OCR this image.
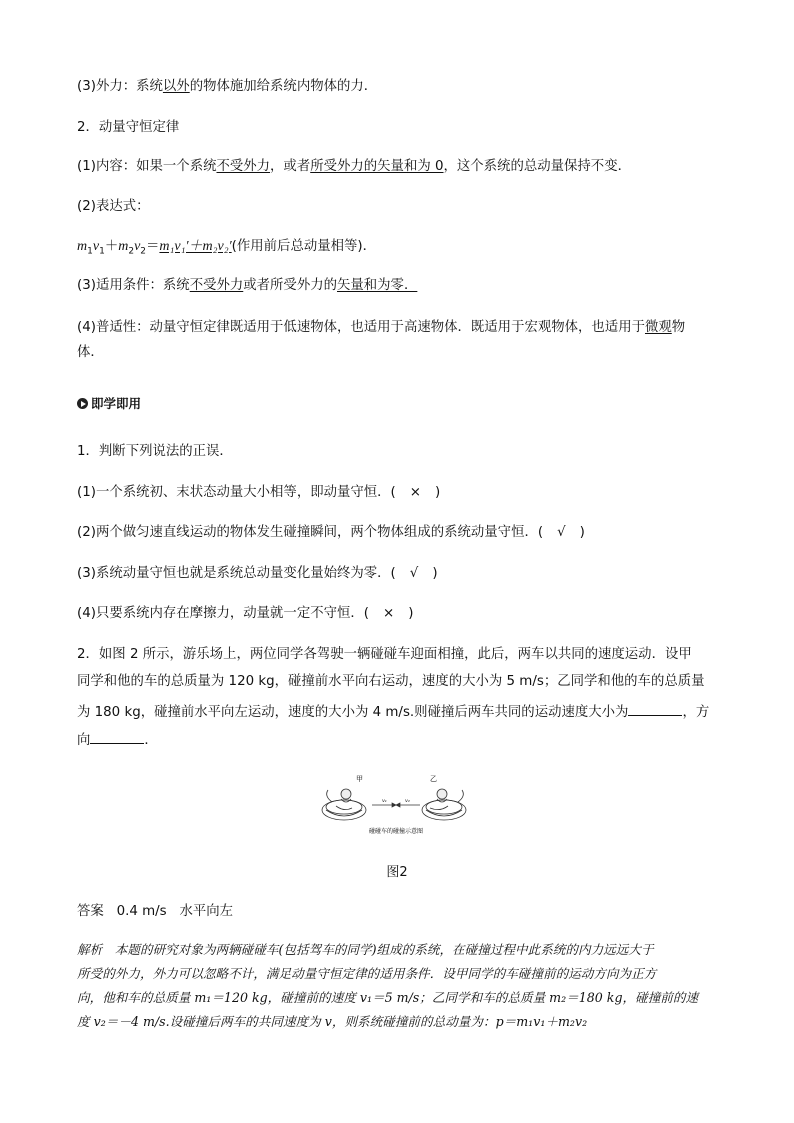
(3)外力：系统以外的物体施加给系统内物体的力．
2．动量守恒定律
(1)内容：如果一个系统不受外力，或者所受外力的矢量和为 0，这个系统的总动量保持不变．
(2)表达式：
$m_1v_1+m_2v_2=m_1v_1'+m_2v_2'$(作用前后总动量相等)．
(3)适用条件：系统不受外力或者所受外力的矢量和为零．
(4)普适性：动量守恒定律既适用于低速物体，也适用于高速物体．既适用于宏观物体，也适用于微观物
体．
即学即用
1．判断下列说法的正误．
(1)一个系统初、末状态动量大小相等，即动量守恒．( × )
(2)两个做匀速直线运动的物体发生碰撞瞬间，两个物体组成的系统动量守恒．( √ )
(3)系统动量守恒也就是系统总动量变化量始终为零．( √ )
(4)只要系统内存在摩擦力，动量就一定不守恒．( × )
2．如图 2 所示，游乐场上，两位同学各驾驶一辆碰碰车迎面相撞，此后，两车以共同的速度运动．设甲
同学和他的车的总质量为 120 kg，碰撞前水平向右运动，速度的大小为 5 m/s；乙同学和他的车的总质量
为 180 kg，碰撞前水平向左运动，速度的大小为 4 m/s.则碰撞后两车共同的运动速度大小为	，方
向	．
甲	乙
v₁	v₂
碰碰车的碰撞示意图
图2
答案 0.4 m/s 水平向左
解析　本题的研究对象为两辆碰碰车(包括驾车的同学)组成的系统，在碰撞过程中此系统的内力远远大于
所受的外力，外力可以忽略不计，满足动量守恒定律的适用条件．设甲同学的车碰撞前的运动方向为正方
向，他和车的总质量 m₁＝120 kg，碰撞前的速度 v₁＝5 m/s；乙同学和车的总质量 m₂＝180 kg，碰撞前的速
度 v₂＝－4 m/s.设碰撞后两车的共同速度为 v，则系统碰撞前的总动量为：p＝m₁v₁＋m₂v₂
